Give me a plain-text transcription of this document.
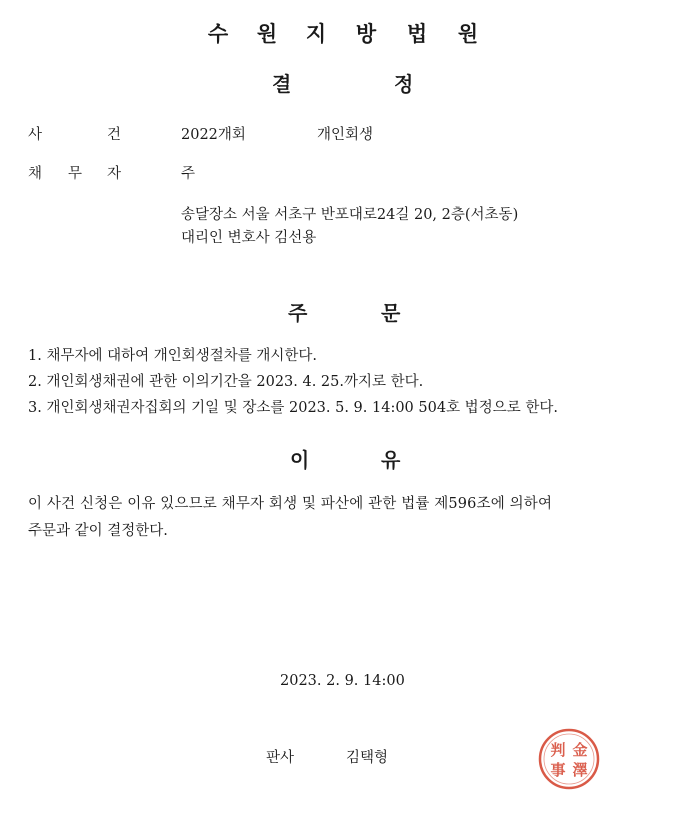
수 원 지 방 법 원
결	정
사	건	2022개회	개인회생
채 무 자	주
송달장소 서울 서초구 반포대로24길 20, 2층(서초동)
대리인 변호사 김선용
주	문
1. 채무자에 대하여 개인회생절차를 개시한다.
2. 개인회생채권에 관한 이의기간을 2023. 4. 25.까지로 한다.
3. 개인회생채권자집회의 기일 및 장소를 2023. 5. 9. 14:00 504호 법정으로 한다.
이	유
이 사건 신청은 이유 있으므로 채무자 회생 및 파산에 관한 법률 제596조에 의하여
주문과 같이 결정한다.
2023. 2. 9. 14:00
판사	김택형	判 金
事 澤
